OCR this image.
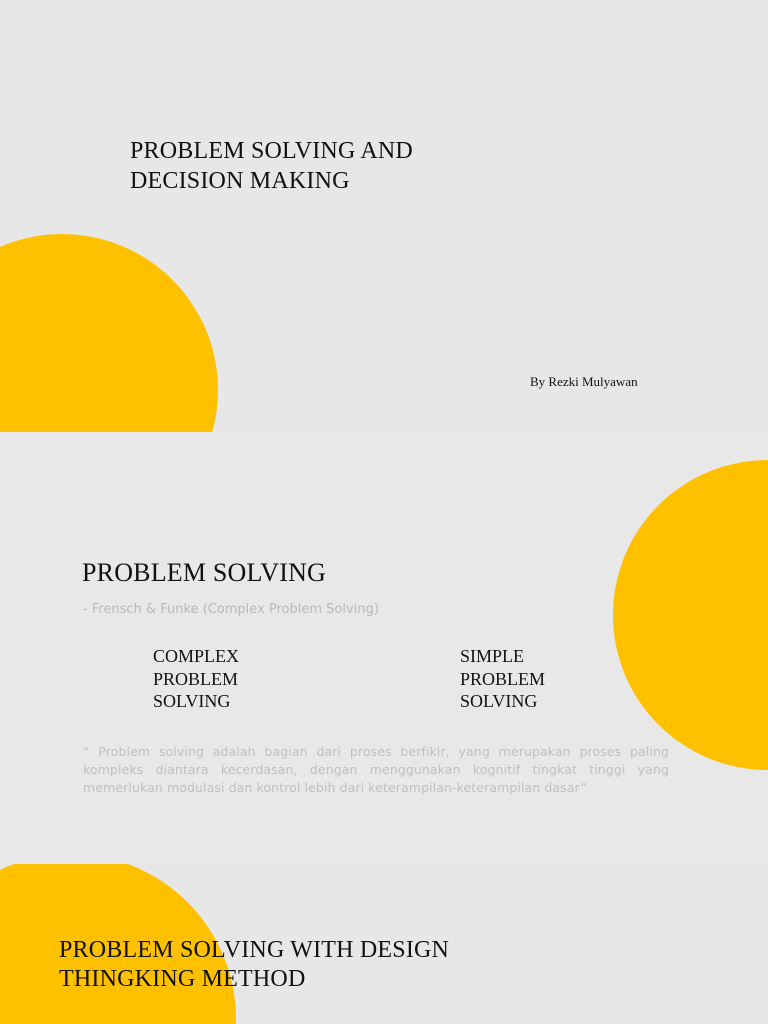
PROBLEM SOLVING AND
DECISION MAKING
By Rezki Mulyawan
PROBLEM SOLVING
- Frensch & Funke (Complex Problem Solving)
COMPLEX
PROBLEM
SOLVING
SIMPLE
PROBLEM
SOLVING
“ Problem solving adalah bagian dari proses berfikir, yang merupakan proses paling kompleks diantara kecerdasan, dengan menggunakan kognitif tingkat tinggi yang memerlukan modulasi dan kontrol lebih dari keterampilan-keterampilan dasar”
PROBLEM SOLVING WITH DESIGN
THINGKING METHOD
